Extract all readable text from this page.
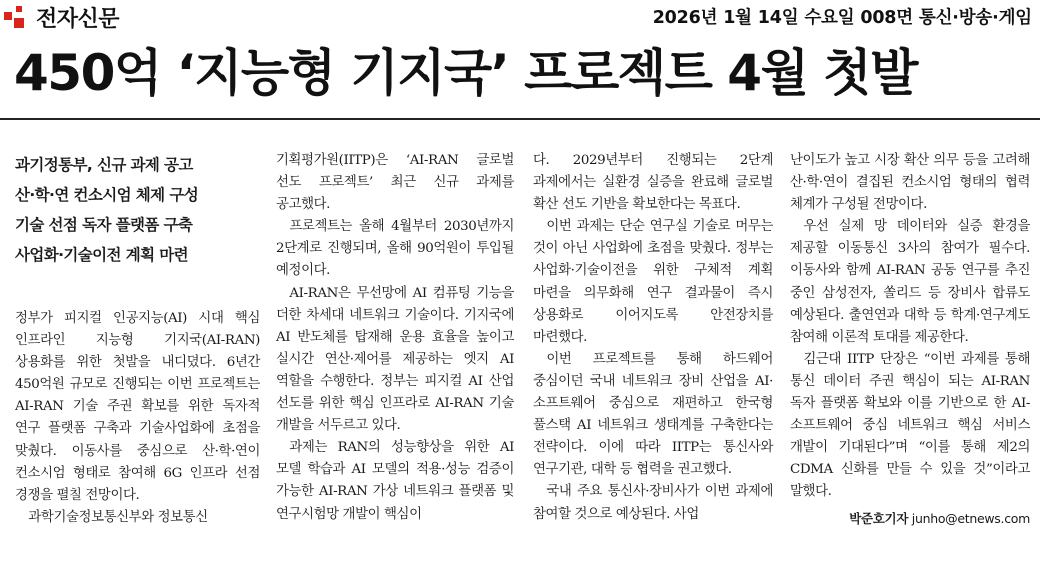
전자신문	2026년 1월 14일 수요일 008면 통신·방송·게임
450억 ‘지능형 기지국’ 프로젝트 4월 첫발
과기정통부, 신규 과제 공고
산·학·연 컨소시엄 체제 구성
기술 선점 독자 플랫폼 구축
사업화·기술이전 계획 마련

정부가 피지컬 인공지능(AI) 시대 핵심 인프라인 지능형 기지국(AI-RAN) 상용화를 위한 첫발을 내디뎠다. 6년간 450억원 규모로 진행되는 이번 프로젝트는 AI-RAN 기술 주권 확보를 위한 독자적 연구 플랫폼 구축과 기술사업화에 초점을 맞췄다. 이동사를 중심으로 산·학·연이 컨소시엄 형태로 참여해 6G 인프라 선점 경쟁을 펼칠 전망이다.

과학기술정보통신부와 정보통신

기획평가원(IITP)은 ‘AI-RAN 글로벌 선도 프로젝트’ 최근 신규 과제를 공고했다.

프로젝트는 올해 4월부터 2030년까지 2단계로 진행되며, 올해 90억원이 투입될 예정이다.

AI-RAN은 무선망에 AI 컴퓨팅 기능을 더한 차세대 네트워크 기술이다. 기지국에 AI 반도체를 탑재해 운용 효율을 높이고 실시간 연산·제어를 제공하는 엣지 AI 역할을 수행한다. 정부는 피지컬 AI 산업 선도를 위한 핵심 인프라로 AI-RAN 기술 개발을 서두르고 있다.

과제는 RAN의 성능향상을 위한 AI 모델 학습과 AI 모델의 적용·성능 검증이 가능한 AI-RAN 가상 네트워크 플랫폼 및 연구시험망 개발이 핵심이

다. 2029년부터 진행되는 2단계 과제에서는 실환경 실증을 완료해 글로벌 확산 선도 기반을 확보한다는 목표다.

이번 과제는 단순 연구실 기술로 머무는 것이 아닌 사업화에 초점을 맞췄다. 정부는 사업화·기술이전을 위한 구체적 계획 마련을 의무화해 연구 결과물이 즉시 상용화로 이어지도록 안전장치를 마련했다.

이번 프로젝트를 통해 하드웨어 중심이던 국내 네트워크 장비 산업을 AI·소프트웨어 중심으로 재편하고 한국형 풀스택 AI 네트워크 생태계를 구축한다는 전략이다. 이에 따라 IITP는 통신사와 연구기관, 대학 등 협력을 권고했다.

국내 주요 통신사·장비사가 이번 과제에 참여할 것으로 예상된다. 사업

난이도가 높고 시장 확산 의무 등을 고려해 산·학·연이 결집된 컨소시엄 형태의 협력 체계가 구성될 전망이다.

우선 실제 망 데이터와 실증 환경을 제공할 이동통신 3사의 참여가 필수다. 이동사와 함께 AI-RAN 공동 연구를 추진 중인 삼성전자, 쏠리드 등 장비사 합류도 예상된다. 출연연과 대학 등 학계·연구계도 참여해 이론적 토대를 제공한다.

김근대 IITP 단장은 “이번 과제를 통해 통신 데이터 주권 핵심이 되는 AI-RAN 독자 플랫폼 확보와 이를 기반으로 한 AI-소프트웨어 중심 네트워크 핵심 서비스 개발이 기대된다”며 “이를 통해 제2의 CDMA 신화를 만들 수 있을 것”이라고 말했다.

박준호기자 junho@etnews.com
